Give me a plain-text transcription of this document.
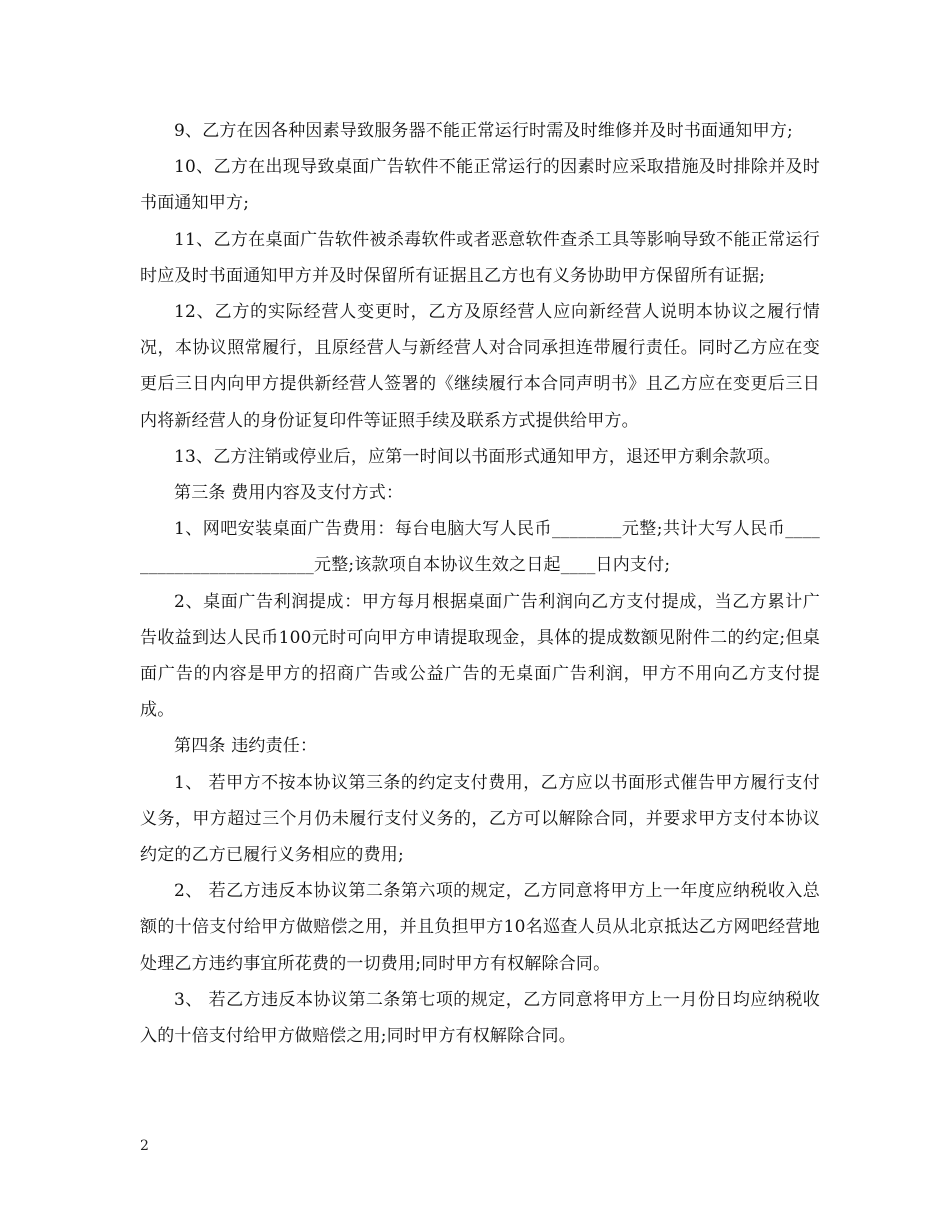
9、乙方在因各种因素导致服务器不能正常运行时需及时维修并及时书面通知甲方;

10、乙方在出现导致桌面广告软件不能正常运行的因素时应采取措施及时排除并及时书面通知甲方;

11、乙方在桌面广告软件被杀毒软件或者恶意软件查杀工具等影响导致不能正常运行时应及时书面通知甲方并及时保留所有证据且乙方也有义务协助甲方保留所有证据;

12、乙方的实际经营人变更时，乙方及原经营人应向新经营人说明本协议之履行情况，本协议照常履行，且原经营人与新经营人对合同承担连带履行责任。同时乙方应在变更后三日内向甲方提供新经营人签署的《继续履行本合同声明书》且乙方应在变更后三日内将新经营人的身份证复印件等证照手续及联系方式提供给甲方。

13、乙方注销或停业后，应第一时间以书面形式通知甲方，退还甲方剩余款项。

第三条 费用内容及支付方式：

1、网吧安装桌面广告费用：每台电脑大写人民币________元整;共计大写人民币________________________元整;该款项自本协议生效之日起____日内支付;

2、桌面广告利润提成：甲方每月根据桌面广告利润向乙方支付提成，当乙方累计广告收益到达人民币100元时可向甲方申请提取现金，具体的提成数额见附件二的约定;但桌面广告的内容是甲方的招商广告或公益广告的无桌面广告利润，甲方不用向乙方支付提成。

第四条 违约责任：

1、 若甲方不按本协议第三条的约定支付费用，乙方应以书面形式催告甲方履行支付义务，甲方超过三个月仍未履行支付义务的，乙方可以解除合同，并要求甲方支付本协议约定的乙方已履行义务相应的费用;

2、 若乙方违反本协议第二条第六项的规定，乙方同意将甲方上一年度应纳税收入总额的十倍支付给甲方做赔偿之用，并且负担甲方10名巡查人员从北京抵达乙方网吧经营地处理乙方违约事宜所花费的一切费用;同时甲方有权解除合同。

3、 若乙方违反本协议第二条第七项的规定，乙方同意将甲方上一月份日均应纳税收入的十倍支付给甲方做赔偿之用;同时甲方有权解除合同。

2
